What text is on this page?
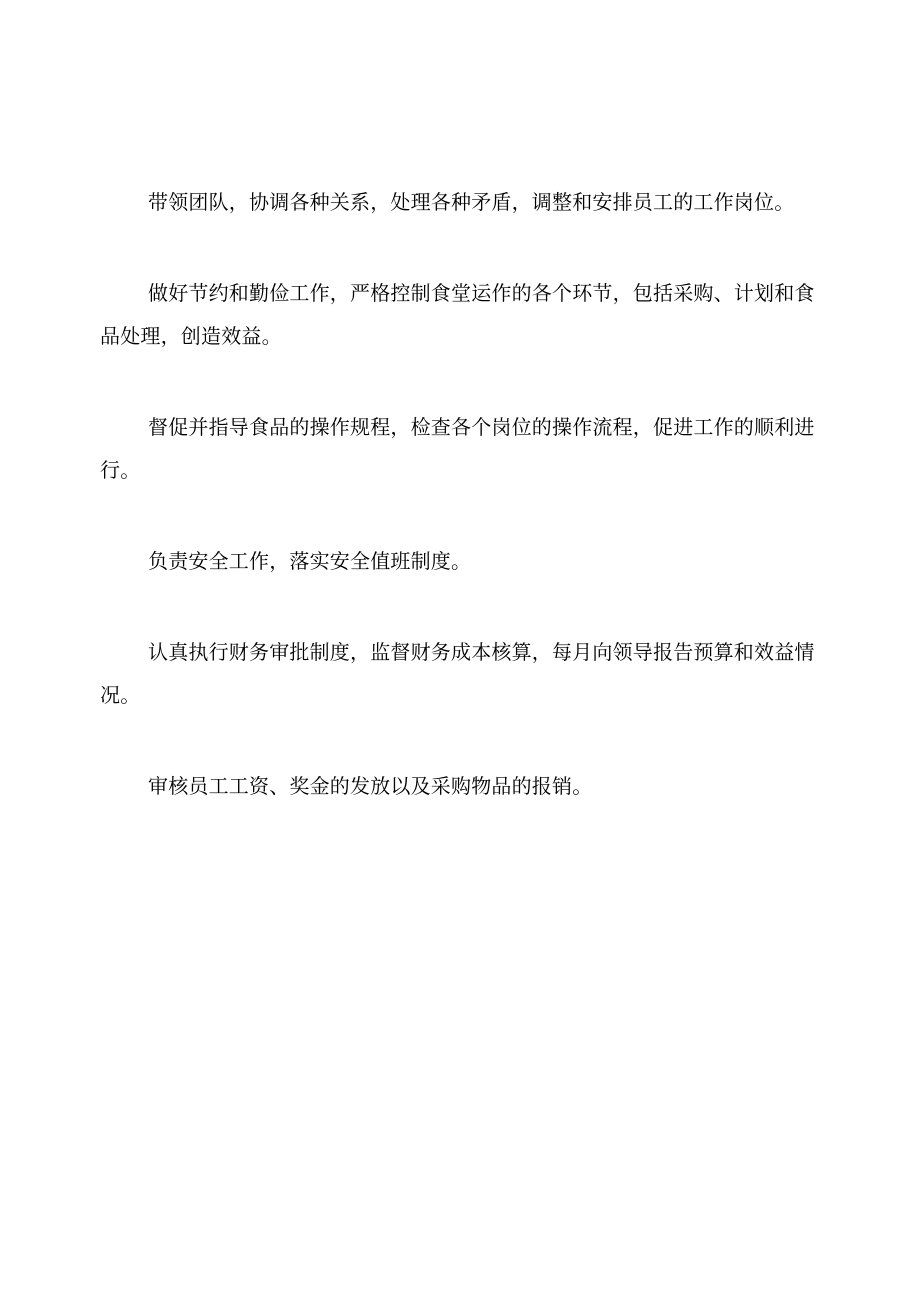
带领团队，协调各种关系，处理各种矛盾，调整和安排员工的工作岗位。

做好节约和勤俭工作，严格控制食堂运作的各个环节，包括采购、计划和食品处理，创造效益。

督促并指导食品的操作规程，检查各个岗位的操作流程，促进工作的顺利进行。

负责安全工作，落实安全值班制度。

认真执行财务审批制度，监督财务成本核算，每月向领导报告预算和效益情况。

审核员工工资、奖金的发放以及采购物品的报销。
